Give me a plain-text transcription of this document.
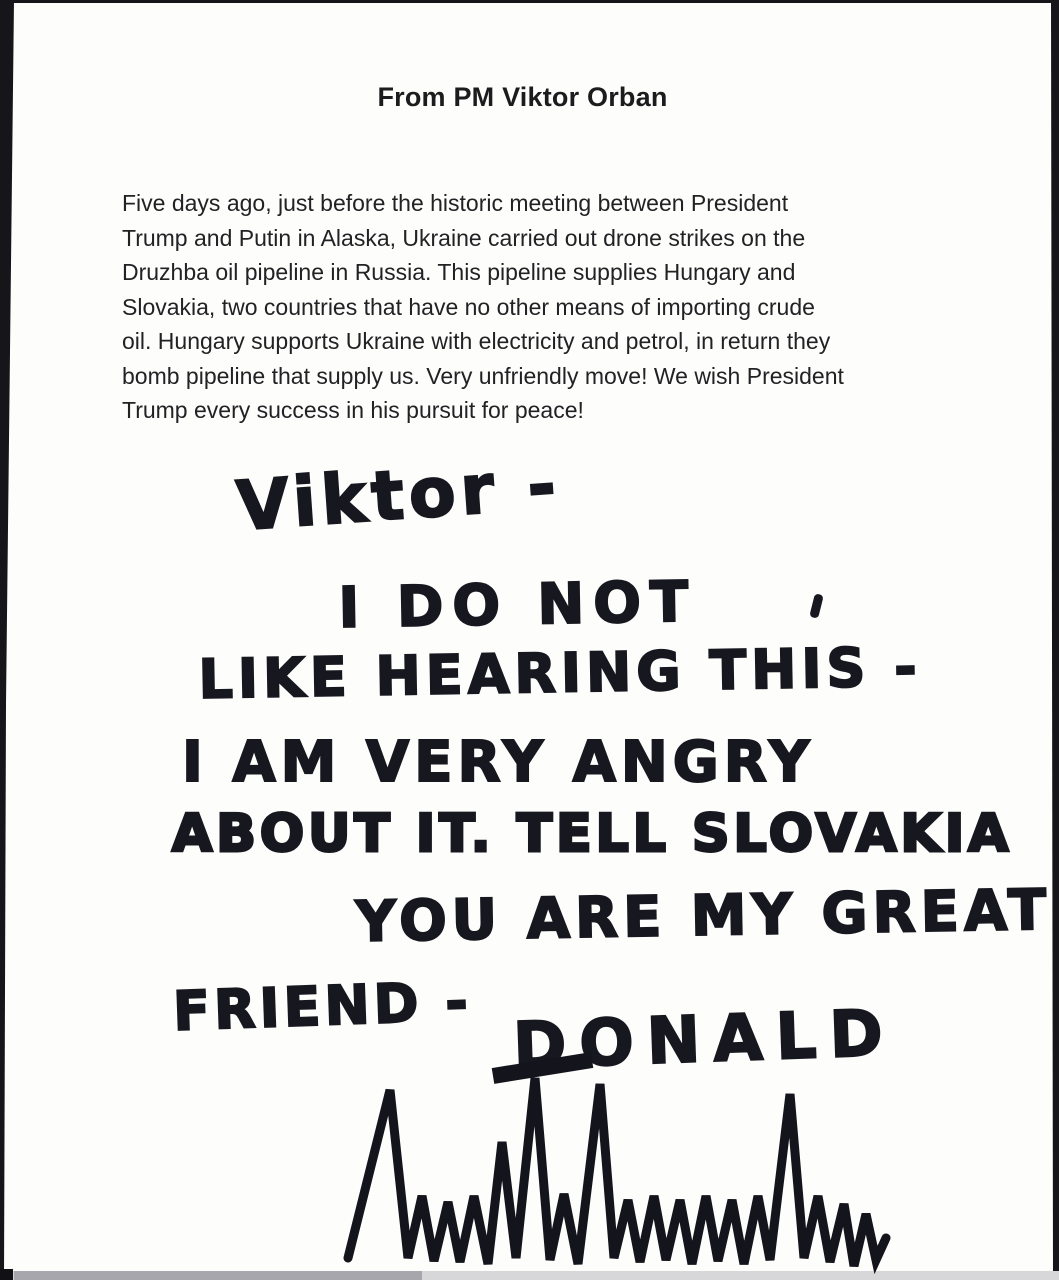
From PM Viktor Orban
Five days ago, just before the historic meeting between President
Trump and Putin in Alaska, Ukraine carried out drone strikes on the
Druzhba oil pipeline in Russia. This pipeline supplies Hungary and
Slovakia, two countries that have no other means of importing crude
oil. Hungary supports Ukraine with electricity and petrol, in return they
bomb pipeline that supply us. Very unfriendly move! We wish President
Trump every success in his pursuit for peace!
Viktor -
I DO NOT
LIKE HEARING THIS -
I AM VERY ANGRY
ABOUT IT. TELL SLOVAKIA
YOU ARE MY GREAT
FRIEND - DONALD
